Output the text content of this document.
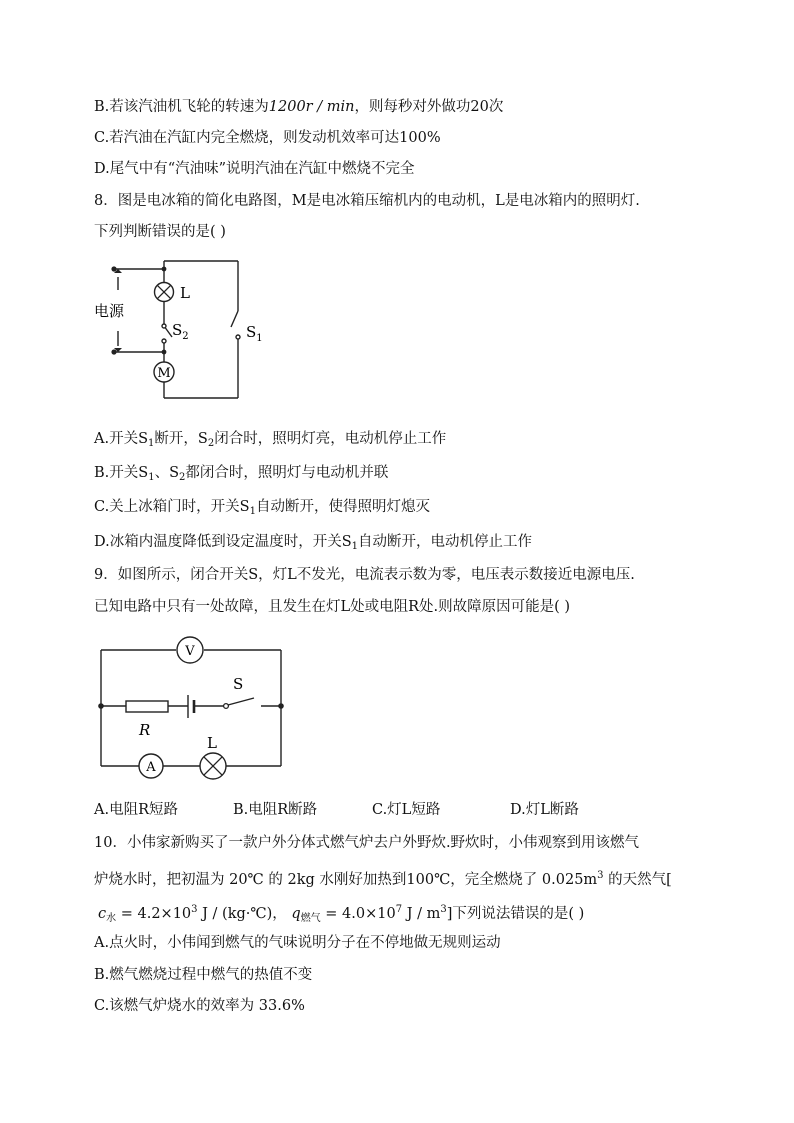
B.若该汽油机飞轮的转速为1200r / min，则每秒对外做功20次
C.若汽油在汽缸内完全燃烧，则发动机效率可达100%
D.尾气中有“汽油味”说明汽油在汽缸中燃烧不完全
8．图是电冰箱的简化电路图，M是电冰箱压缩机内的电动机，L是电冰箱内的照明灯.
下列判断错误的是( )
M
L
电源
$S_2$	$S_1$
A.开关$S_1$断开，$S_2$闭合时，照明灯亮，电动机停止工作
B.开关$S_1$、$S_2$都闭合时，照明灯与电动机并联
C.关上冰箱门时，开关$S_1$自动断开，使得照明灯熄灭
D.冰箱内温度降低到设定温度时，开关$S_1$自动断开，电动机停止工作
9．如图所示，闭合开关S，灯L不发光，电流表示数为零，电压表示数接近电源电压.
已知电路中只有一处故障，且发生在灯L处或电阻R处.则故障原因可能是( )
V
A
S
R
L
A.电阻R短路	B.电阻R断路	C.灯L短路	D.灯L断路
10．小伟家新购买了一款户外分体式燃气炉去户外野炊.野炊时，小伟观察到用该燃气
炉烧水时，把初温为 20℃ 的 2kg 水刚好加热到100℃，完全燃烧了 $0.025m^3$ 的天然气[
$c_水 = 4.2\times 10^3$ J / (kg·℃)， $q_{燃气} = 4.0\times 10^7$ J / $m^3$]下列说法错误的是( )
A.点火时，小伟闻到燃气的气味说明分子在不停地做无规则运动
B.燃气燃烧过程中燃气的热值不变
C.该燃气炉烧水的效率为 33.6%
